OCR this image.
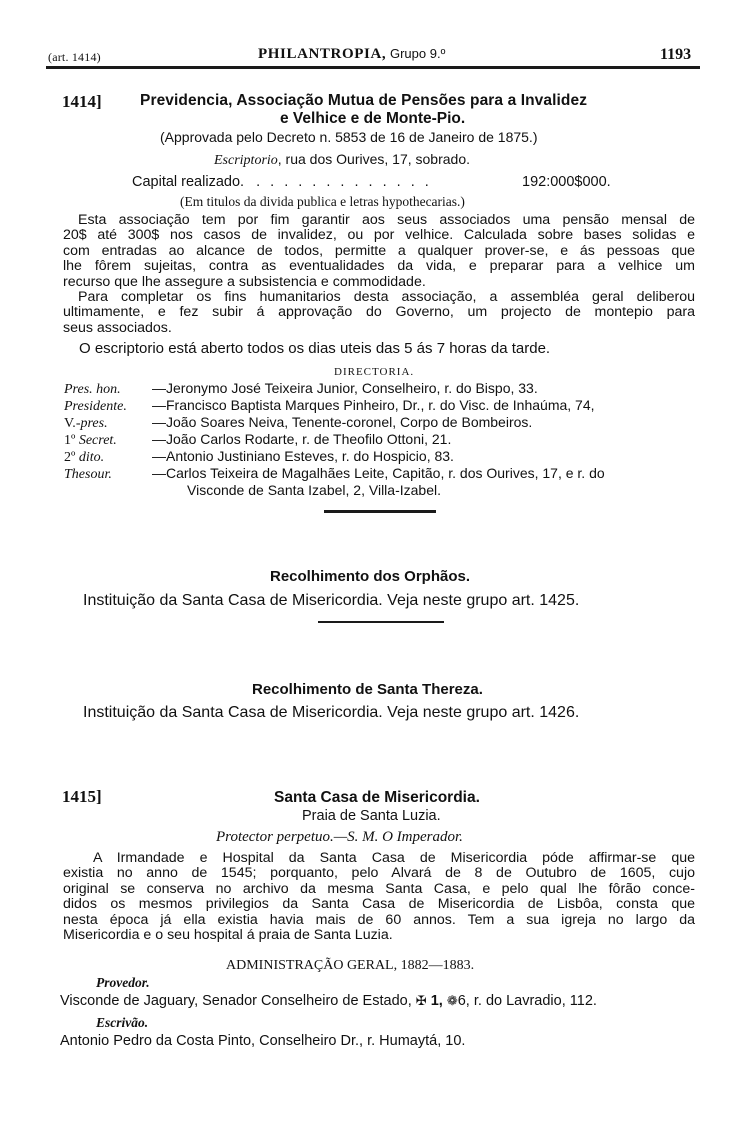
(art. 1414)	PHILANTROPIA, Grupo 9.º	1193
1414] Previdencia, Associação Mutua de Pensões para a Invalidez
e Velhice e de Monte-Pio.
(Approvada pelo Decreto n. 5853 de 16 de Janeiro de 1875.)
Escriptorio, rua dos Ourives, 17, sobrado.
Capital realizado. . . . . . . . . . . . . .	192:000$000.
(Em titulos da divida publica e letras hypothecarias.)
Esta associação tem por fim garantir aos seus associados uma pensão mensal de
20$ até 300$ nos casos de invalidez, ou por velhice. Calculada sobre bases solidas e
com entradas ao alcance de todos, permitte a qualquer prover-se, e ás pessoas que
lhe fôrem sujeitas, contra as eventualidades da vida, e preparar para a velhice um
recurso que lhe assegure a subsistencia e commodidade.
Para completar os fins humanitarios desta associação, a assembléa geral deliberou
ultimamente, e fez subir á approvação do Governo, um projecto de montepio para
seus associados.
O escriptorio está aberto todos os dias uteis das 5 ás 7 horas da tarde.
DIRECTORIA.
Pres. hon. —Jeronymo José Teixeira Junior, Conselheiro, r. do Bispo, 33.
Presidente. —Francisco Baptista Marques Pinheiro, Dr., r. do Visc. de Inhaúma, 74,
V.-pres.	—João Soares Neiva, Tenente-coronel, Corpo de Bombeiros.
1º Secret.	—João Carlos Rodarte, r. de Theofilo Ottoni, 21.
2º dito.	—Antonio Justiniano Esteves, r. do Hospicio, 83.
Thesour.	—Carlos Teixeira de Magalhães Leite, Capitão, r. dos Ourives, 17, e r. do
Visconde de Santa Izabel, 2, Villa-Izabel.
Recolhimento dos Orphãos.
Instituição da Santa Casa de Misericordia. Veja neste grupo art. 1425.
Recolhimento de Santa Thereza.
Instituição da Santa Casa de Misericordia. Veja neste grupo art. 1426.
1415]	Santa Casa de Misericordia.
Praia de Santa Luzia.
Protector perpetuo.—S. M. O Imperador.
A Irmandade e Hospital da Santa Casa de Misericordia póde affirmar-se que
existia no anno de 1545; porquanto, pelo Alvará de 8 de Outubro de 1605, cujo
original se conserva no archivo da mesma Santa Casa, e pelo qual lhe fôrão conce-
didos os mesmos privilegios da Santa Casa de Misericordia de Lisbôa, consta que
nesta época já ella existia havia mais de 60 annos. Tem a sua igreja no largo da
Misericordia e o seu hospital á praia de Santa Luzia.
ADMINISTRAÇÃO GERAL, 1882—1883.
Provedor.
Visconde de Jaguary, Senador Conselheiro de Estado, ✠ 1, ❁6, r. do Lavradio, 112.
Escrivão.
Antonio Pedro da Costa Pinto, Conselheiro Dr., r. Humaytá, 10.
